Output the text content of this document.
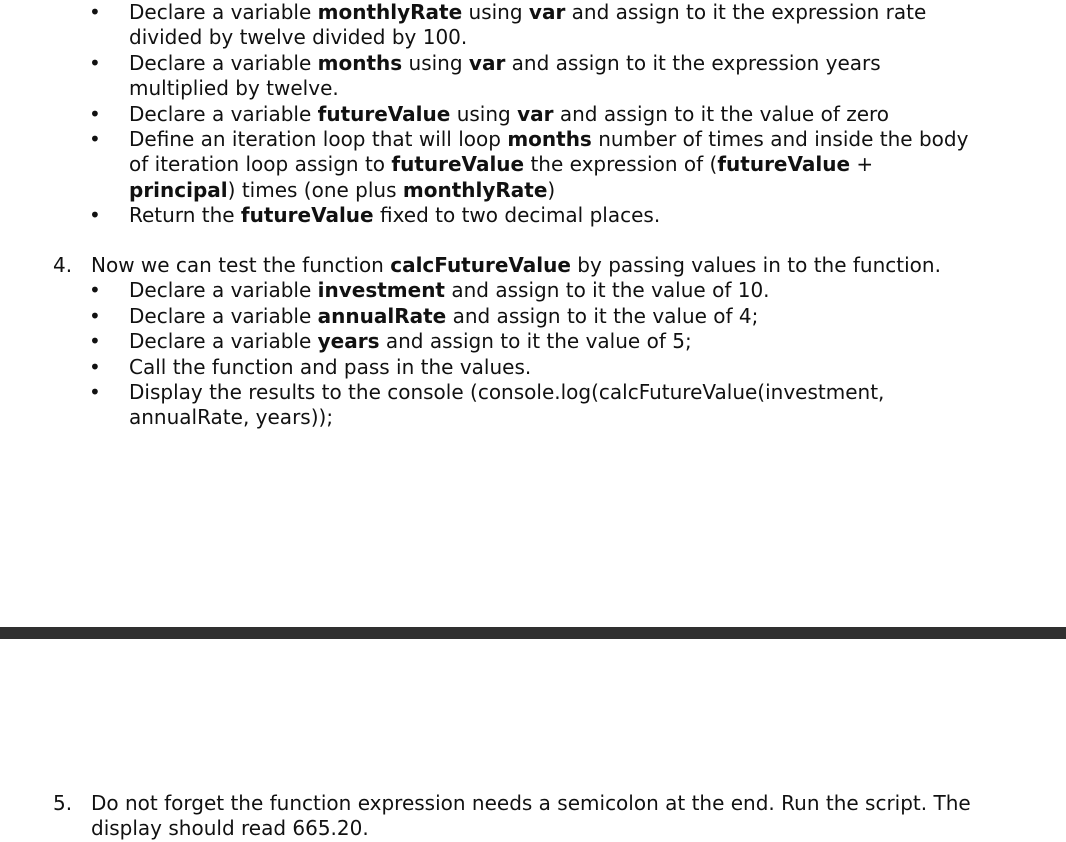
• Declare a variable monthlyRate using var and assign to it the expression rate divided by twelve divided by 100.
• Declare a variable months using var and assign to it the expression years multiplied by twelve.
• Declare a variable futureValue using var and assign to it the value of zero
• Define an iteration loop that will loop months number of times and inside the body of iteration loop assign to futureValue the expression of (futureValue + principal) times (one plus monthlyRate)
• Return the futureValue fixed to two decimal places.
4. Now we can test the function calcFutureValue by passing values in to the function.
• Declare a variable investment and assign to it the value of 10.
• Declare a variable annualRate and assign to it the value of 4;
• Declare a variable years and assign to it the value of 5;
• Call the function and pass in the values.
• Display the results to the console (console.log(calcFutureValue(investment, annualRate, years));
5. Do not forget the function expression needs a semicolon at the end. Run the script. The display should read 665.20.
